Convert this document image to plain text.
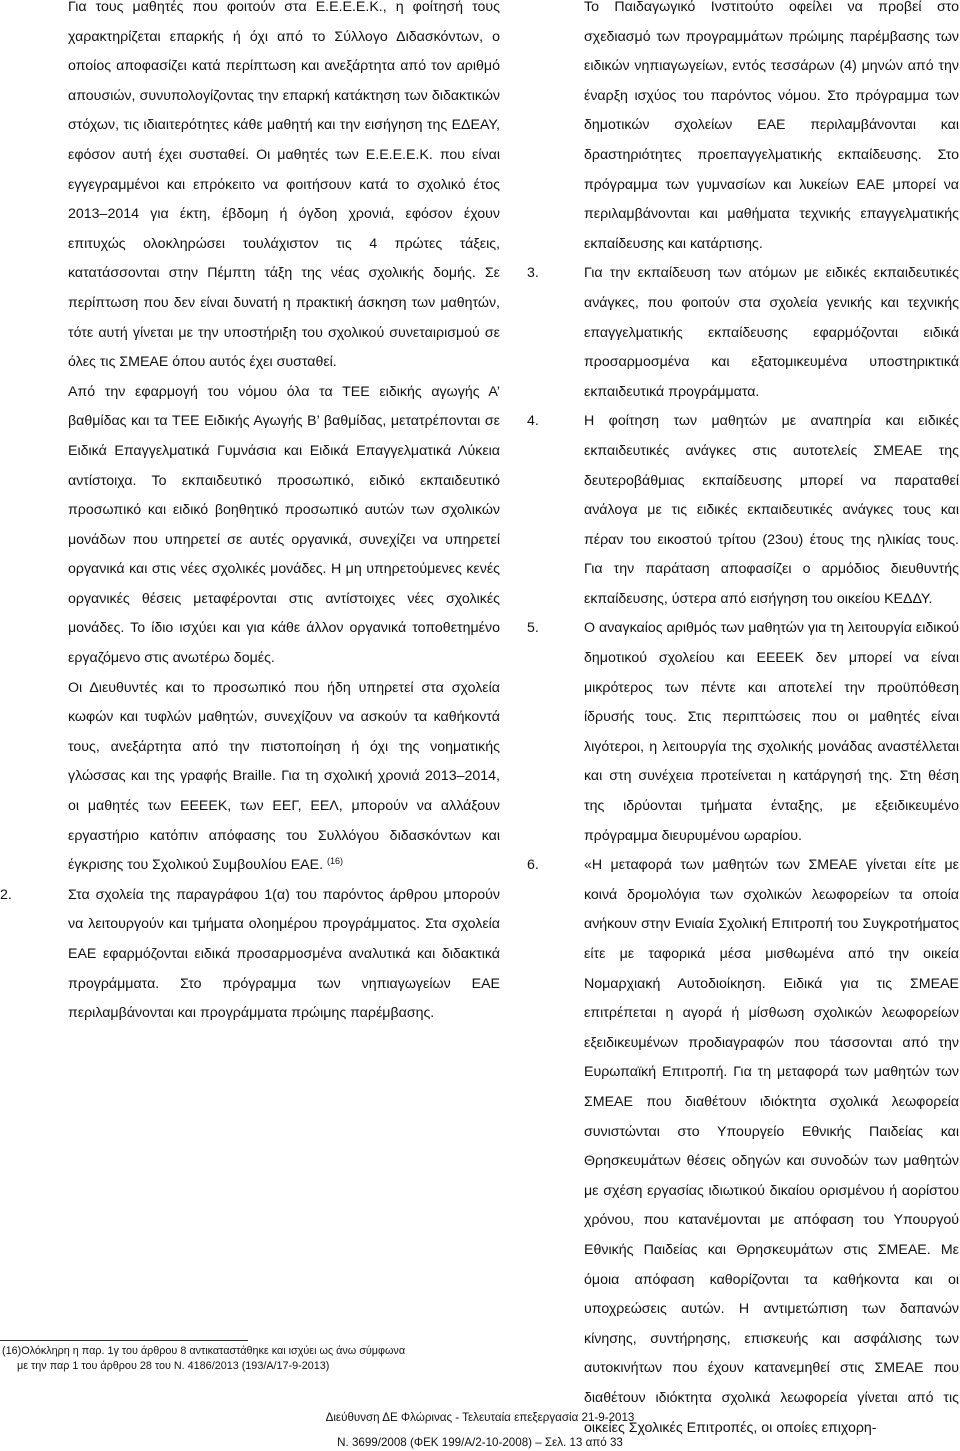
Για τους μαθητές που φοιτούν στα Ε.Ε.Ε.Ε.Κ., η φοίτησή τους χαρακτηρίζεται επαρκής ή όχι από το Σύλλογο Διδασκόντων, ο οποίος αποφασίζει κατά περίπτωση και ανεξάρτητα από τον αριθμό απουσιών, συνυπολογίζοντας την επαρκή κατάκτηση των διδακτικών στόχων, τις ιδιαιτερότητες κάθε μαθητή και την εισήγηση της ΕΔΕΑΥ, εφόσον αυτή έχει συσταθεί. Οι μαθητές των Ε.Ε.Ε.Ε.Κ. που είναι εγγεγραμμένοι και επρόκειτο να φοιτήσουν κατά το σχολικό έτος 2013‒2014 για έκτη, έβδομη ή όγδοη χρονιά, εφόσον έχουν επιτυχώς ολοκληρώσει τουλάχιστον τις 4 πρώτες τάξεις, κατατάσσονται στην Πέμπτη τάξη της νέας σχολικής δομής. Σε περίπτωση που δεν είναι δυνατή η πρακτική άσκηση των μαθητών, τότε αυτή γίνεται με την υποστήριξη του σχολικού συνεταιρισμού σε όλες τις ΣΜΕΑΕ όπου αυτός έχει συσταθεί.

Από την εφαρμογή του νόμου όλα τα ΤΕΕ ειδικής αγωγής Α’ βαθμίδας και τα ΤΕΕ Ειδικής Αγωγής Β’ βαθμίδας, μετατρέπονται σε Ειδικά Επαγγελματικά Γυμνάσια και Ειδικά Επαγγελματικά Λύκεια αντίστοιχα. Το εκπαιδευτικό προσωπικό, ειδικό εκπαιδευτικό προσωπικό και ειδικό βοηθητικό προσωπικό αυτών των σχολικών μονάδων που υπηρετεί σε αυτές οργανικά, συνεχίζει να υπηρετεί οργανικά και στις νέες σχολικές μονάδες. Η μη υπηρετούμενες κενές οργανικές θέσεις μεταφέρονται στις αντίστοιχες νέες σχολικές μονάδες. Το ίδιο ισχύει και για κάθε άλλον οργανικά τοποθετημένο εργαζόμενο στις ανωτέρω δομές.

Οι Διευθυντές και το προσωπικό που ήδη υπηρετεί στα σχολεία κωφών και τυφλών μαθητών, συνεχίζουν να ασκούν τα καθήκοντά τους, ανεξάρτητα από την πιστοποίηση ή όχι της νοηματικής γλώσσας και της γραφής Braille. Για τη σχολική χρονιά 2013‒2014, οι μαθητές των ΕΕΕΕΚ, των ΕΕΓ, ΕΕΛ, μπορούν να αλλάξουν εργαστήριο κατόπιν απόφασης του Συλλόγου διδασκόντων και έγκρισης του Σχολικού Συμβουλίου ΕΑΕ. $^{(16)}$

2.	Στα σχολεία της παραγράφου 1(α) του παρόντος άρθρου μπορούν να λειτουργούν και τμήματα ολοημέρου προγράμματος. Στα σχολεία ΕΑΕ εφαρμόζονται ειδικά προσαρμοσμένα αναλυτικά και διδακτικά προγράμματα. Στο πρόγραμμα των νηπιαγωγείων ΕΑΕ περιλαμβάνονται και προγράμματα πρώιμης παρέμβασης.

Το Παιδαγωγικό Ινστιτούτο οφείλει να προβεί στο σχεδιασμό των προγραμμάτων πρώιμης παρέμβασης των ειδικών νηπιαγωγείων, εντός τεσσάρων (4) μηνών από την έναρξη ισχύος του παρόντος νόμου. Στο πρόγραμμα των δημοτικών σχολείων ΕΑΕ περιλαμβάνονται και δραστηριότητες προεπαγγελματικής εκπαίδευσης. Στο πρόγραμμα των γυμνασίων και λυκείων ΕΑΕ μπορεί να περιλαμβάνονται και μαθήματα τεχνικής επαγγελματικής εκπαίδευσης και κατάρτισης.

3.	Για την εκπαίδευση των ατόμων με ειδικές εκπαιδευτικές ανάγκες, που φοιτούν στα σχολεία γενικής και τεχνικής επαγγελματικής εκπαίδευσης εφαρμόζονται ειδικά προσαρμοσμένα και εξατομικευμένα υποστηρικτικά εκπαιδευτικά προγράμματα.

4.	Η φοίτηση των μαθητών με αναπηρία και ειδικές εκπαιδευτικές ανάγκες στις αυτοτελείς ΣΜΕΑΕ της δευτεροβάθμιας εκπαίδευσης μπορεί να παραταθεί ανάλογα με τις ειδικές εκπαιδευτικές ανάγκες τους και πέραν του εικοστού τρίτου (23ου) έτους της ηλικίας τους. Για την παράταση αποφασίζει ο αρμόδιος διευθυντής εκπαίδευσης, ύστερα από εισήγηση του οικείου ΚΕΔΔΥ.

5.	Ο αναγκαίος αριθμός των μαθητών για τη λειτουργία ειδικού δημοτικού σχολείου και ΕΕΕΕΚ δεν μπορεί να είναι μικρότερος των πέντε και αποτελεί την προϋπόθεση ίδρυσής τους. Στις περιπτώσεις που οι μαθητές είναι λιγότεροι, η λειτουργία της σχολικής μονάδας αναστέλλεται και στη συνέχεια προτείνεται η κατάργησή της. Στη θέση της ιδρύονται τμήματα ένταξης, με εξειδικευμένο πρόγραμμα διευρυμένου ωραρίου.

6.	«Η μεταφορά των μαθητών των ΣΜΕΑΕ γίνεται είτε με κοινά δρομολόγια των σχολικών λεωφορείων τα οποία ανήκουν στην Ενιαία Σχολική Επιτροπή του Συγκροτήματος είτε με ταφορικά μέσα μισθωμένα από την οικεία Νομαρχιακή Αυτοδιοίκηση. Ειδικά για τις ΣΜΕΑΕ επιτρέπεται η αγορά ή μίσθωση σχολικών λεωφορείων εξειδικευμένων προδιαγραφών που τάσσονται από την Ευρωπαϊκή Επιτροπή. Για τη μεταφορά των μαθητών των ΣΜΕΑΕ που διαθέτουν ιδιόκτητα σχολικά λεωφορεία συνιστώνται στο Υπουργείο Εθνικής Παιδείας και Θρησκευμάτων θέσεις οδηγών και συνοδών των μαθητών με σχέση εργασίας ιδιωτικού δικαίου ορισμένου ή αορίστου χρόνου, που κατανέμονται με απόφαση του Υπουργού Εθνικής Παιδείας και Θρησκευμάτων στις ΣΜΕΑΕ. Με όμοια απόφαση καθορίζονται τα καθήκοντα και οι υποχρεώσεις αυτών. Η αντιμετώπιση των δαπανών κίνησης, συντήρησης, επισκευής και ασφάλισης των αυτοκινήτων που έχουν κατανεμηθεί στις ΣΜΕΑΕ που διαθέτουν ιδιόκτητα σχολικά λεωφορεία γίνεται από τις οικείες Σχολικές Επιτροπές, οι οποίες επιχορη-

(16)Ολόκληρη η παρ. 1γ του άρθρου 8 αντικαταστάθηκε και ισχύει ως άνω σύμφωνα
με την παρ 1 του άρθρου 28 του Ν. 4186/2013 (193/Α/17-9-2013)
Διεύθυνση ΔΕ Φλώρινας - Τελευταία επεξεργασία 21-9-2013
Ν. 3699/2008 (ΦΕΚ 199/Α/2-10-2008) ‒ Σελ. 13 από 33
